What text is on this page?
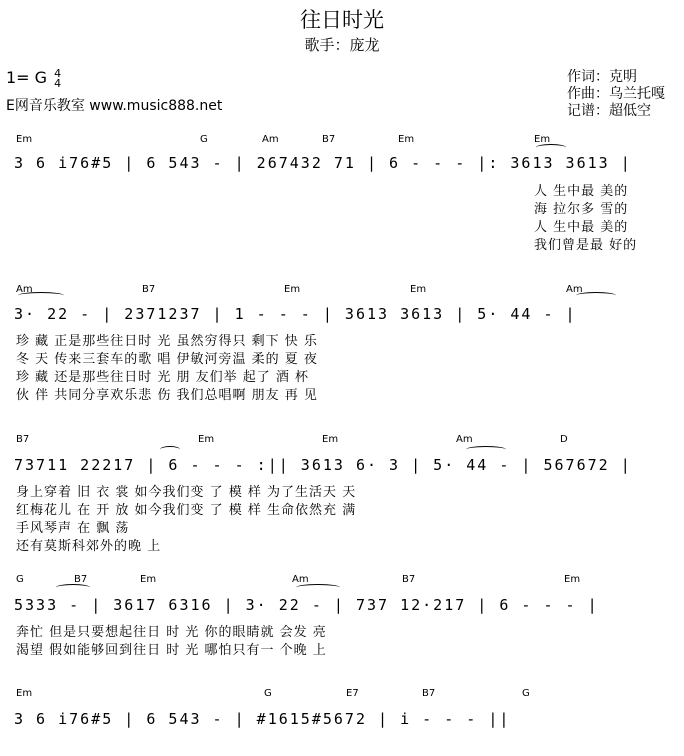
往日时光
歌手：庞龙
1= G 4
4
E网音乐教室 www.music888.net
作词：克明
作曲：乌兰托嘎
记谱：超低空
Em	G	Am	B7	Em	Em
3 6 i76#5 | 6 543 - | 267432 71 | 6 - - - |: 3613 3613 |
人 生中最 美的
海 拉尔多 雪的
人 生中最 美的
我们曾是最 好的
Am	B7	Em	Em	Am
3· 22 - | 2371237 | 1 - - - | 3613 3613 | 5· 44 - |
珍 藏 正是那些往日时 光 虽然穷得只 剩下 快 乐
冬 天 传来三套车的歌 唱 伊敏河旁温 柔的 夏 夜
珍 藏 还是那些往日时 光 朋 友们举 起了 酒 杯
伙 伴 共同分享欢乐悲 伤 我们总唱啊 朋友 再 见
B7	Em	Em	Am	D
73711 22217 | 6 - - - :|| 3613 6· 3 | 5· 44 - | 567672 |
身上穿着 旧 衣 裳 如今我们变 了 模 样 为了生活天 天
红梅花儿 在 开 放 如今我们变 了 模 样 生命依然充 满
手风琴声 在 飘 荡
还有莫斯科郊外的晚 上
G	B7	Em	Am	B7	Em
5333 - | 3617 6316 | 3· 22 - | 737 12·217 | 6 - - - |
奔忙 但是只要想起往日 时 光 你的眼睛就 会发 亮
渴望 假如能够回到往日 时 光 哪怕只有一 个晚 上
Em	G	E7	B7	G
3 6 i76#5 | 6 543 - | #1615#5672 | i - - - ||
